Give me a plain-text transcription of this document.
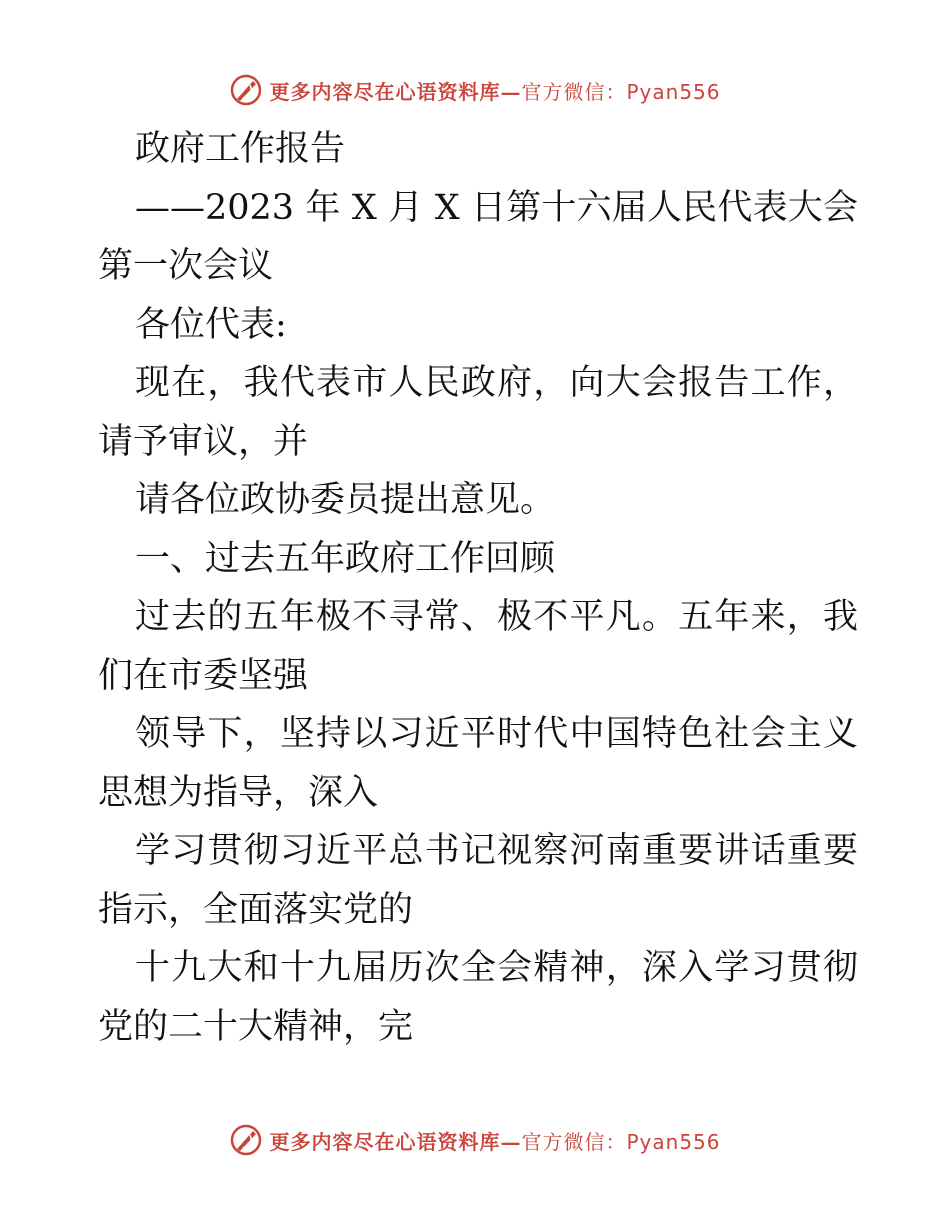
更多内容尽在心语资料库—官方微信：Pyan556

政府工作报告

——2023 年 X 月 X 日第十六届人民代表大会第一次会议

各位代表:

现在，我代表市人民政府，向大会报告工作，请予审议，并

请各位政协委员提出意见。

一、过去五年政府工作回顾

过去的五年极不寻常、极不平凡。五年来，我们在市委坚强

领导下，坚持以习近平时代中国特色社会主义思想为指导，深入

学习贯彻习近平总书记视察河南重要讲话重要指示，全面落实党的

十九大和十九届历次全会精神，深入学习贯彻党的二十大精神，完

更多内容尽在心语资料库—官方微信：Pyan556
